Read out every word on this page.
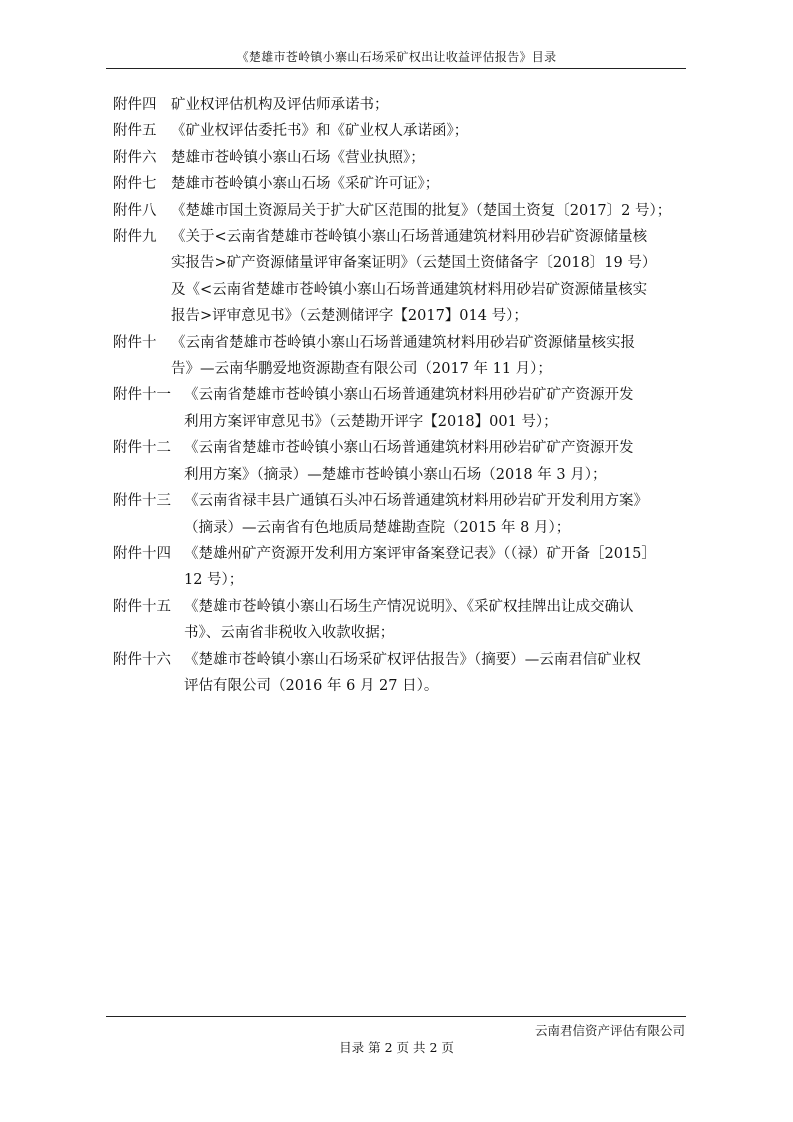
《楚雄市苍岭镇小寨山石场采矿权出让收益评估报告》目录
附件四	矿业权评估机构及评估师承诺书；
附件五	《矿业权评估委托书》和《矿业权人承诺函》；
附件六	楚雄市苍岭镇小寨山石场《营业执照》；
附件七	楚雄市苍岭镇小寨山石场《采矿许可证》；
附件八	《楚雄市国土资源局关于扩大矿区范围的批复》（楚国土资复〔2017〕2 号）；
附件九	《关于<云南省楚雄市苍岭镇小寨山石场普通建筑材料用砂岩矿资源储量核
实报告>矿产资源储量评审备案证明》（云楚国土资储备字〔2018〕19 号）
及《<云南省楚雄市苍岭镇小寨山石场普通建筑材料用砂岩矿资源储量核实
报告>评审意见书》（云楚测储评字【2017】014 号）；
附件十	《云南省楚雄市苍岭镇小寨山石场普通建筑材料用砂岩矿资源储量核实报
告》—云南华鹏爱地资源勘查有限公司（2017 年 11 月）；
附件十一 《云南省楚雄市苍岭镇小寨山石场普通建筑材料用砂岩矿矿产资源开发
利用方案评审意见书》（云楚勘开评字【2018】001 号）；
附件十二 《云南省楚雄市苍岭镇小寨山石场普通建筑材料用砂岩矿矿产资源开发
利用方案》（摘录）—楚雄市苍岭镇小寨山石场（2018 年 3 月）；
附件十三 《云南省禄丰县广通镇石头冲石场普通建筑材料用砂岩矿开发利用方案》
（摘录）—云南省有色地质局楚雄勘查院（2015 年 8 月）；
附件十四 《楚雄州矿产资源开发利用方案评审备案登记表》（（禄）矿开备［2015］
12 号）；
附件十五 《楚雄市苍岭镇小寨山石场生产情况说明》、《采矿权挂牌出让成交确认
书》、云南省非税收入收款收据；
附件十六 《楚雄市苍岭镇小寨山石场采矿权评估报告》（摘要）—云南君信矿业权
评估有限公司（2016 年 6 月 27 日）。
云南君信资产评估有限公司
目录 第 2 页 共 2 页
